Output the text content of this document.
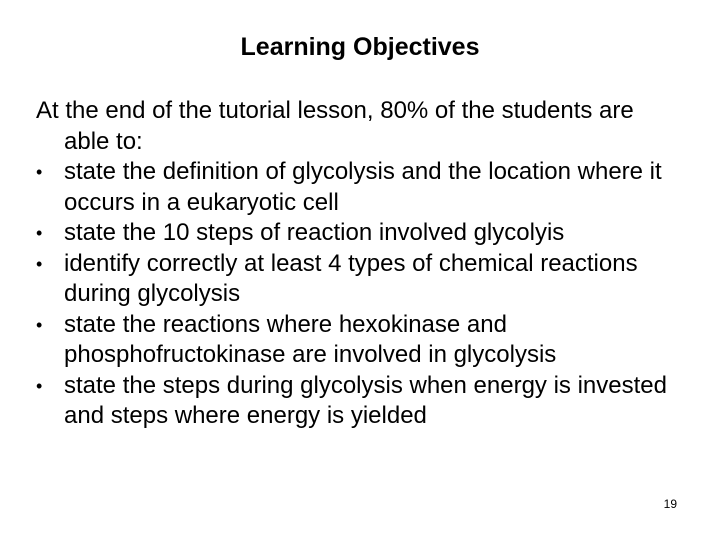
Learning Objectives

At the end of the tutorial lesson, 80% of the students are able to:

• state the definition of glycolysis and the location where it occurs in a eukaryotic cell
• state the 10 steps of reaction involved glycolyis
• identify correctly at least 4 types of chemical reactions during glycolysis
• state the reactions where hexokinase and phosphofructokinase are involved in glycolysis
• state the steps during glycolysis when energy is invested and steps where energy is yielded
19
